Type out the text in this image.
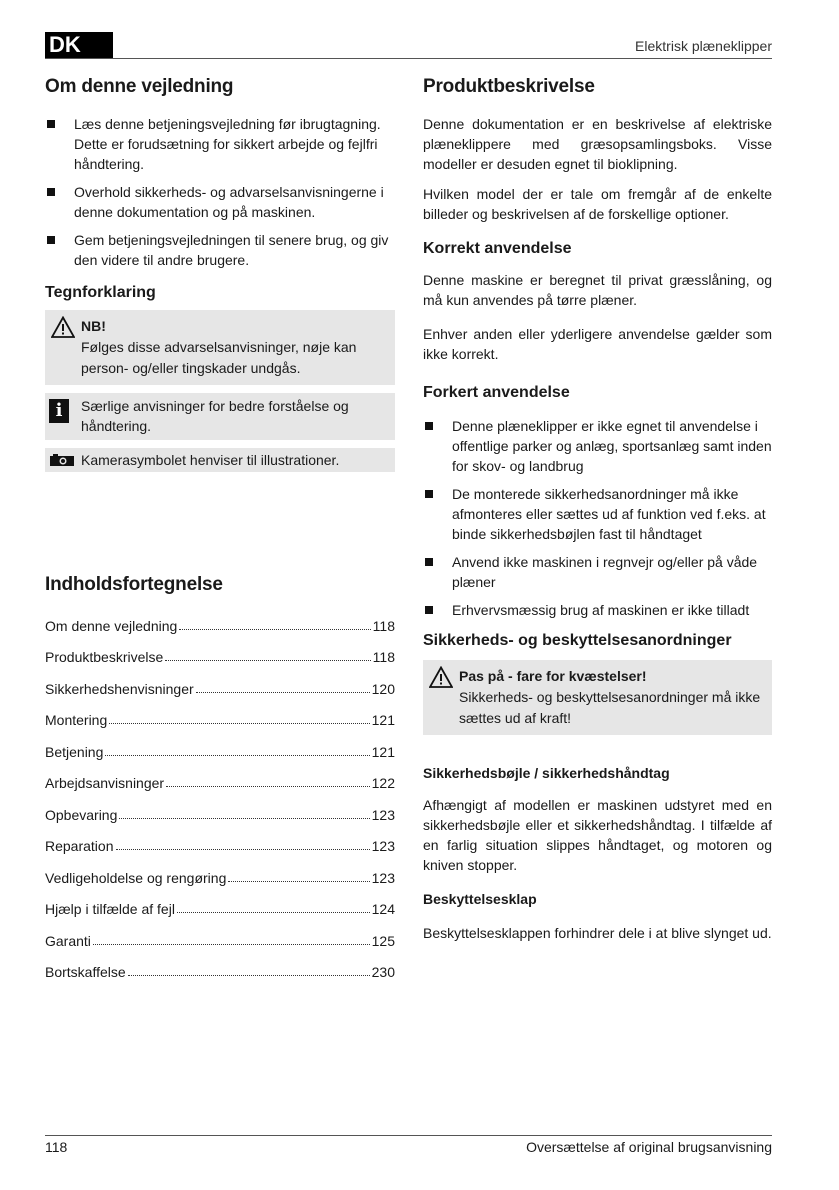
DK	Elektrisk plæneklipper
Om denne vejledning
Læs denne betjeningsvejledning før ibrugtagning. Dette er forudsætning for sikkert arbejde og fejlfri håndtering.
Overhold sikkerheds- og advarselsanvisningerne i denne dokumentation og på maskinen.
Gem betjeningsvejledningen til senere brug, og giv den videre til andre brugere.
Tegnforklaring
NB!
Følges disse advarselsanvisninger, nøje kan person- og/eller tingskader undgås.
i	Særlige anvisninger for bedre forståelse og håndtering.
Kamerasymbolet henviser til illustrationer.
Indholdsfortegnelse
Om denne vejledning	118
Produktbeskrivelse	118
Sikkerhedshenvisninger	120
Montering	121
Betjening	121
Arbejdsanvisninger	122
Opbevaring	123
Reparation	123
Vedligeholdelse og rengøring	123
Hjælp i tilfælde af fejl	124
Garanti	125
Bortskaffelse	230
Produktbeskrivelse

Denne dokumentation er en beskrivelse af elektriske plæneklippere med græsopsamlingsboks. Visse modeller er desuden egnet til bioklipning.

Hvilken model der er tale om fremgår af de enkelte billeder og beskrivelsen af de forskellige optioner.

Korrekt anvendelse

Denne maskine er beregnet til privat græsslåning, og må kun anvendes på tørre plæner.

Enhver anden eller yderligere anvendelse gælder som ikke korrekt.

Forkert anvendelse
Denne plæneklipper er ikke egnet til anvendelse i offentlige parker og anlæg, sportsanlæg samt inden for skov- og landbrug
De monterede sikkerhedsanordninger må ikke afmonteres eller sættes ud af funktion ved f.eks. at binde sikkerhedsbøjlen fast til håndtaget
Anvend ikke maskinen i regnvejr og/eller på våde plæner
Erhvervsmæssig brug af maskinen er ikke tilladt
Sikkerheds- og beskyttelsesanordninger
Pas på - fare for kvæstelser!
Sikkerheds- og beskyttelsesanordninger må ikke sættes ud af kraft!
Sikkerhedsbøjle / sikkerhedshåndtag

Afhængigt af modellen er maskinen udstyret med en sikkerhedsbøjle eller et sikkerhedshåndtag. I tilfælde af en farlig situation slippes håndtaget, og motoren og kniven stopper.

Beskyttelsesklap

Beskyttelsesklappen forhindrer dele i at blive slynget ud.

118	Oversættelse af original brugsanvisning
